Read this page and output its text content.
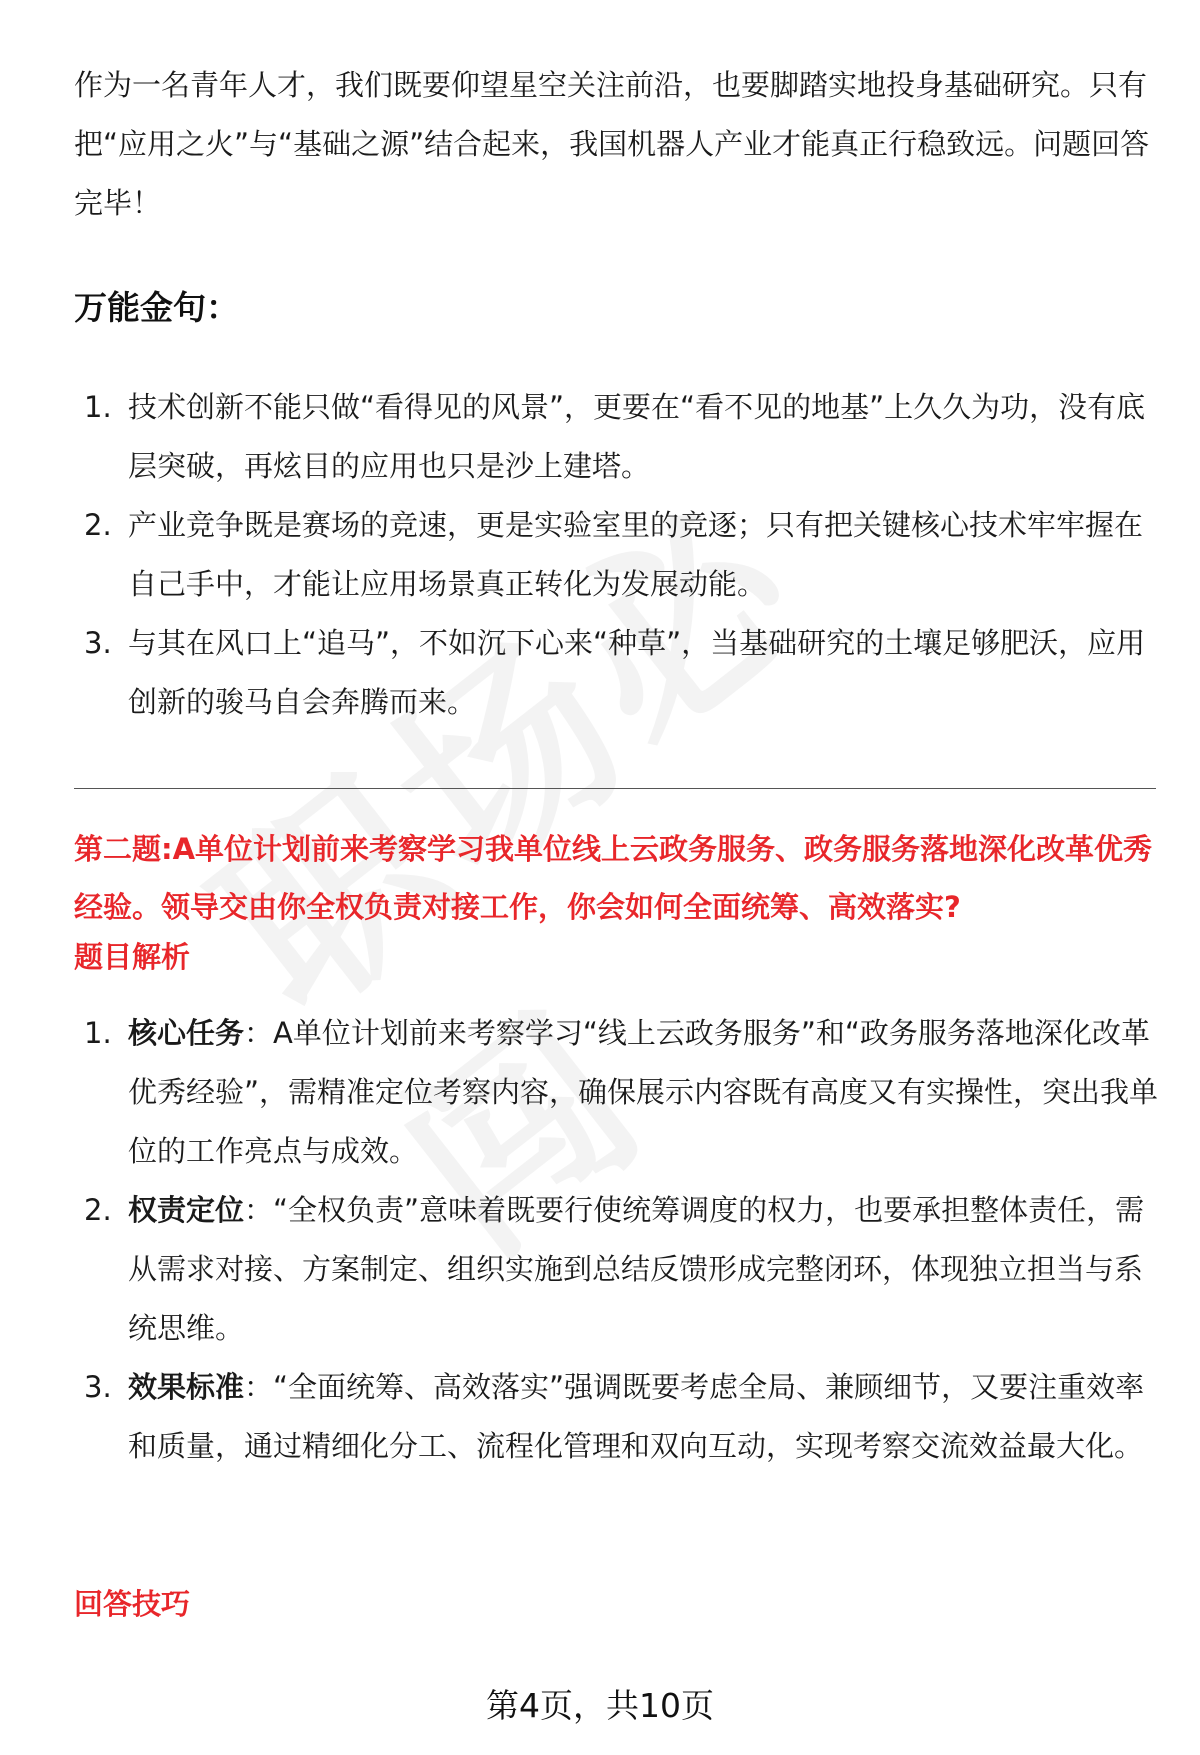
作为一名青年人才，我们既要仰望星空关注前沿，也要脚踏实地投身基础研究。只有把“应用之火”与“基础之源”结合起来，我国机器人产业才能真正行稳致远。问题回答完毕！
万能金句：
1. 技术创新不能只做“看得见的风景”，更要在“看不见的地基”上久久为功，没有底层突破，再炫目的应用也只是沙上建塔。
2. 产业竞争既是赛场的竞速，更是实验室里的竞逐；只有把关键核心技术牢牢握在自己手中，才能让应用场景真正转化为发展动能。
3. 与其在风口上“追马”，不如沉下心来“种草”，当基础研究的土壤足够肥沃，应用创新的骏马自会奔腾而来。
第二题:A单位计划前来考察学习我单位线上云政务服务、政务服务落地深化改革优秀经验。领导交由你全权负责对接工作，你会如何全面统筹、高效落实?
题目解析
1. 核心任务：A单位计划前来考察学习“线上云政务服务”和“政务服务落地深化改革优秀经验”，需精准定位考察内容，确保展示内容既有高度又有实操性，突出我单位的工作亮点与成效。
2. 权责定位：“全权负责”意味着既要行使统筹调度的权力，也要承担整体责任，需从需求对接、方案制定、组织实施到总结反馈形成完整闭环，体现独立担当与系统思维。
3. 效果标准：“全面统筹、高效落实”强调既要考虑全局、兼顾细节，又要注重效率和质量，通过精细化分工、流程化管理和双向互动，实现考察交流效益最大化。
回答技巧
第4页，共10页
